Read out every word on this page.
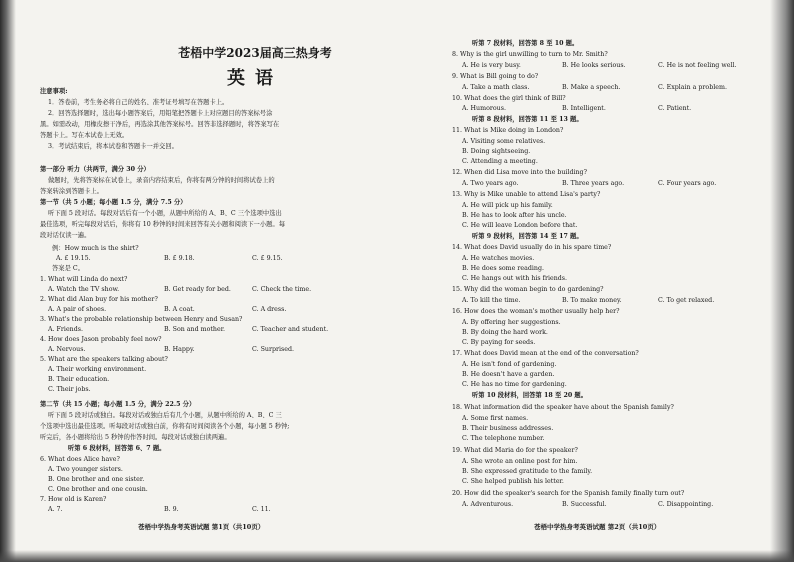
苍梧中学2023届高三热身考
英语
注意事项:
1．答卷前，考生务必将自己的姓名、准考证号填写在答题卡上。
2．回答选择题时，选出每小题答案后，用铅笔把答题卡上对应题目的答案标号涂
黑。如需改动，用橡皮擦干净后，再选涂其他答案标号。回答非选择题时，将答案写在
答题卡上。写在本试卷上无效。
3．考试结束后，将本试卷和答题卡一并交回。
第一部分 听力（共两节，满分 30 分）
做题时，先将答案标在试卷上，录音内容结束后，你将有两分钟的时间将试卷上的
答案转涂到答题卡上。
第一节（共 5 小题；每小题 1.5 分，满分 7.5 分）
听下面 5 段对话。每段对话后有一个小题，从题中所给的 A、B、C 三个选项中选出
最佳选项，听完每段对话后，你将有 10 秒钟的时间来回答有关小题和阅读下一小题。每
段对话仅读一遍。
例：How much is the shirt?
A. £ 19.15.	B. £ 9.18.	C. £ 9.15.
答案是 C。
1. What will Linda do next?
A. Watch the TV show.	B. Get ready for bed.	C. Check the time.
2. What did Alan buy for his mother?
A. A pair of shoes.	B. A coat.	C. A dress.
3. What's the probable relationship between Henry and Susan?
A. Friends.	B. Son and mother.	C. Teacher and student.
4. How does Jason probably feel now?
A. Nervous.	B. Happy.	C. Surprised.
5. What are the speakers talking about?
A. Their working environment.
B. Their education.
C. Their jobs.
第二节（共 15 小题；每小题 1.5 分，满分 22.5 分）
听下面 5 段对话或独白。每段对话或独白后有几个小题，从题中所给的 A、B、C 三
个选项中选出最佳选项。听每段对话或独白前，你将有时间阅读各个小题，每小题 5 秒钟;
听完后，各小题将给出 5 秒钟的作答时间。每段对话或独白读两遍。
听第 6 段材料，回答第 6、7 题。
6. What does Alice have?
A. Two younger sisters.
B. One brother and one sister.
C. One brother and one cousin.
7. How old is Karen?
A. 7.	B. 9.	C. 11.
苍梧中学热身考英语试题 第1页（共10页）
听第 7 段材料，回答第 8 至 10 题。
8. Why is the girl unwilling to turn to Mr. Smith?
A. He is very busy.	B. He looks serious.	C. He is not feeling well.
9. What is Bill going to do?
A. Take a math class.	B. Make a speech.	C. Explain a problem.
10. What does the girl think of Bill?
A. Humorous.	B. Intelligent.	C. Patient.
听第 8 段材料，回答第 11 至 13 题。
11. What is Mike doing in London?
A. Visiting some relatives.
B. Doing sightseeing.
C. Attending a meeting.
12. When did Lisa move into the building?
A. Two years ago.	B. Three years ago.	C. Four years ago.
13. Why is Mike unable to attend Lisa's party?
A. He will pick up his family.
B. He has to look after his uncle.
C. He will leave London before that.
听第 9 段材料，回答第 14 至 17 题。
14. What does David usually do in his spare time?
A. He watches movies.
B. He does some reading.
C. He hangs out with his friends.
15. Why did the woman begin to do gardening?
A. To kill the time.	B. To make money.	C. To get relaxed.
16. How does the woman's mother usually help her?
A. By offering her suggestions.
B. By doing the hard work.
C. By paying for seeds.
17. What does David mean at the end of the conversation?
A. He isn't fond of gardening.
B. He doesn't have a garden.
C. He has no time for gardening.
听第 10 段材料，回答第 18 至 20 题。
18. What information did the speaker have about the Spanish family?
A. Some first names.
B. Their business addresses.
C. The telephone number.
19. What did Maria do for the speaker?
A. She wrote an online post for him.
B. She expressed gratitude to the family.
C. She helped publish his letter.
20. How did the speaker's search for the Spanish family finally turn out?
A. Adventurous.	B. Successful.	C. Disappointing.
苍梧中学热身考英语试题 第2页（共10页）
